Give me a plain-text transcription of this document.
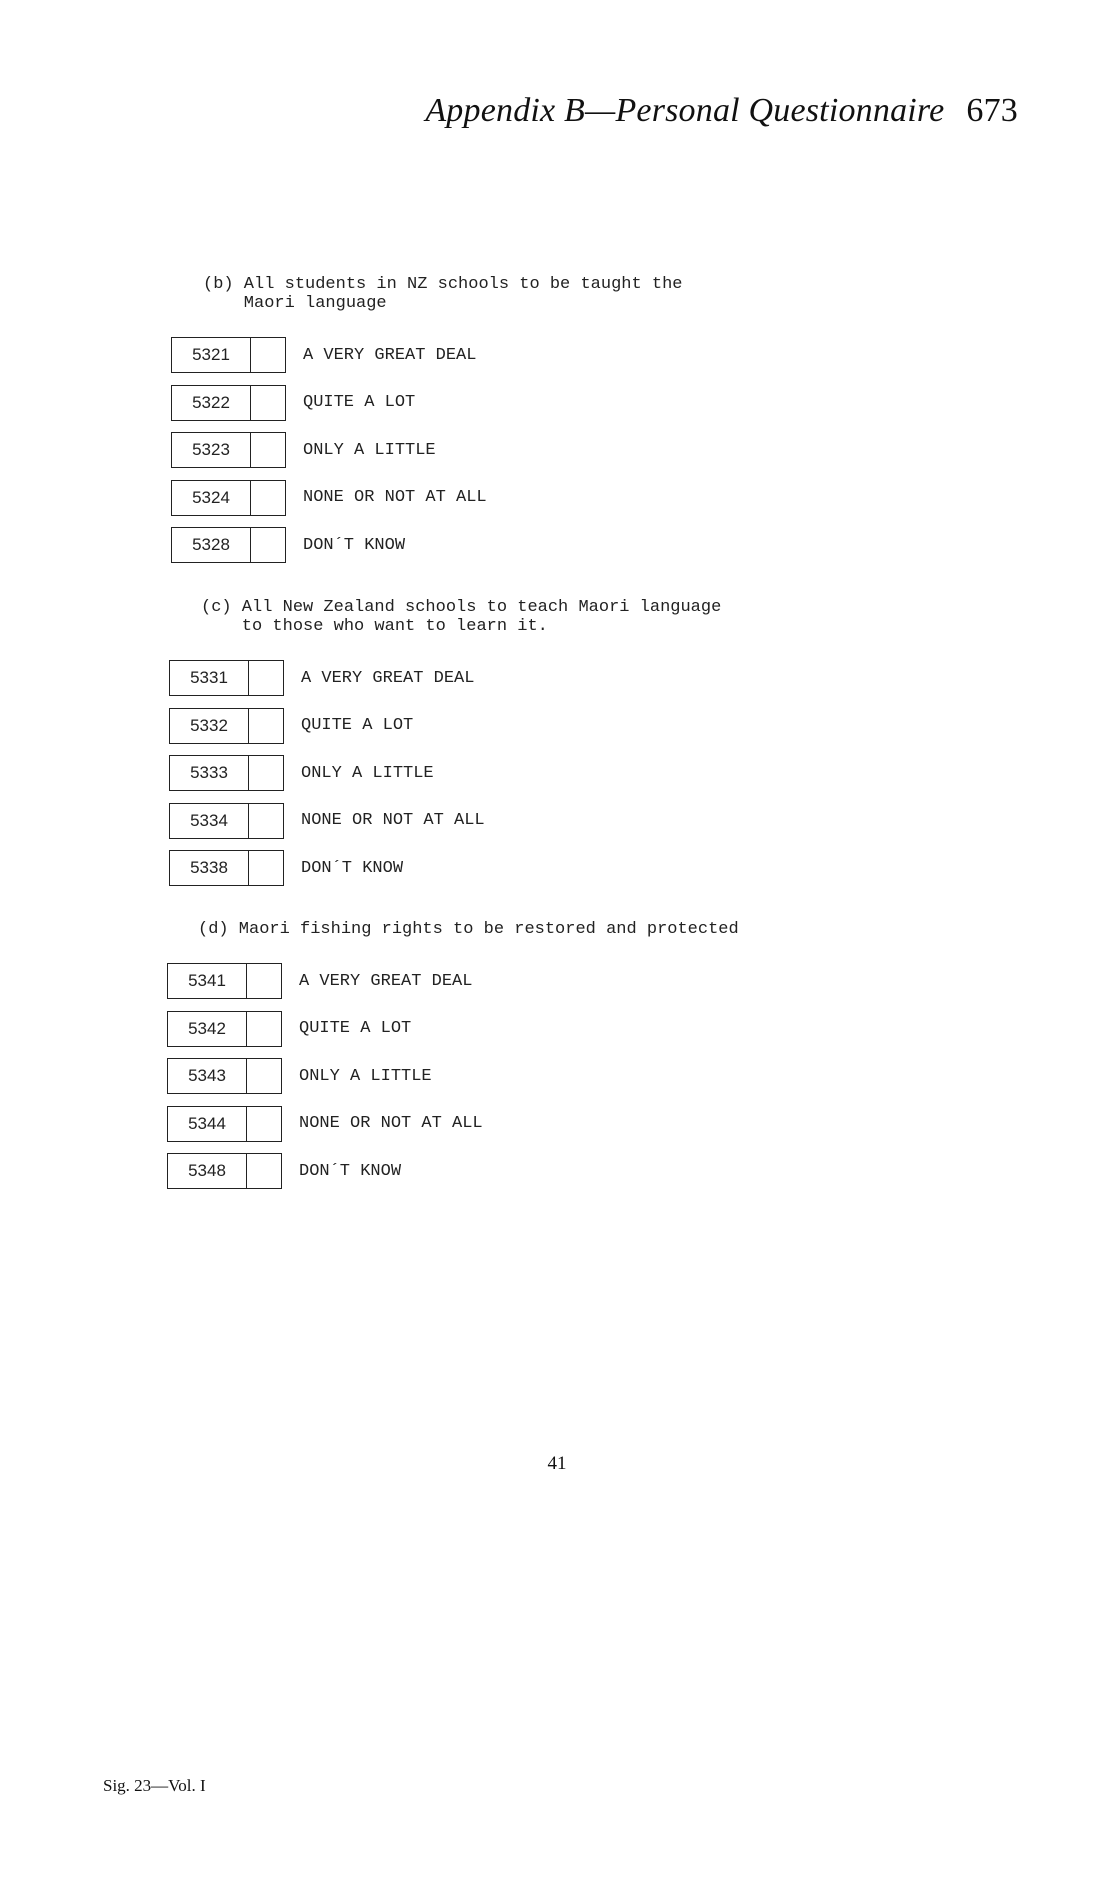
Appendix B—Personal Questionnaire 673
(b) All students in NZ schools to be taught the
Maori language
5321	A VERY GREAT DEAL
5322	QUITE A LOT
5323	ONLY A LITTLE
5324	NONE OR NOT AT ALL
5328	DON´T KNOW
(c) All New Zealand schools to teach Maori language
to those who want to learn it.
5331	A VERY GREAT DEAL
5332	QUITE A LOT
5333	ONLY A LITTLE
5334	NONE OR NOT AT ALL
5338	DON´T KNOW
(d) Maori fishing rights to be restored and protected
5341	A VERY GREAT DEAL
5342	QUITE A LOT
5343	ONLY A LITTLE
5344	NONE OR NOT AT ALL
5348	DON´T KNOW
41
Sig. 23—Vol. I
